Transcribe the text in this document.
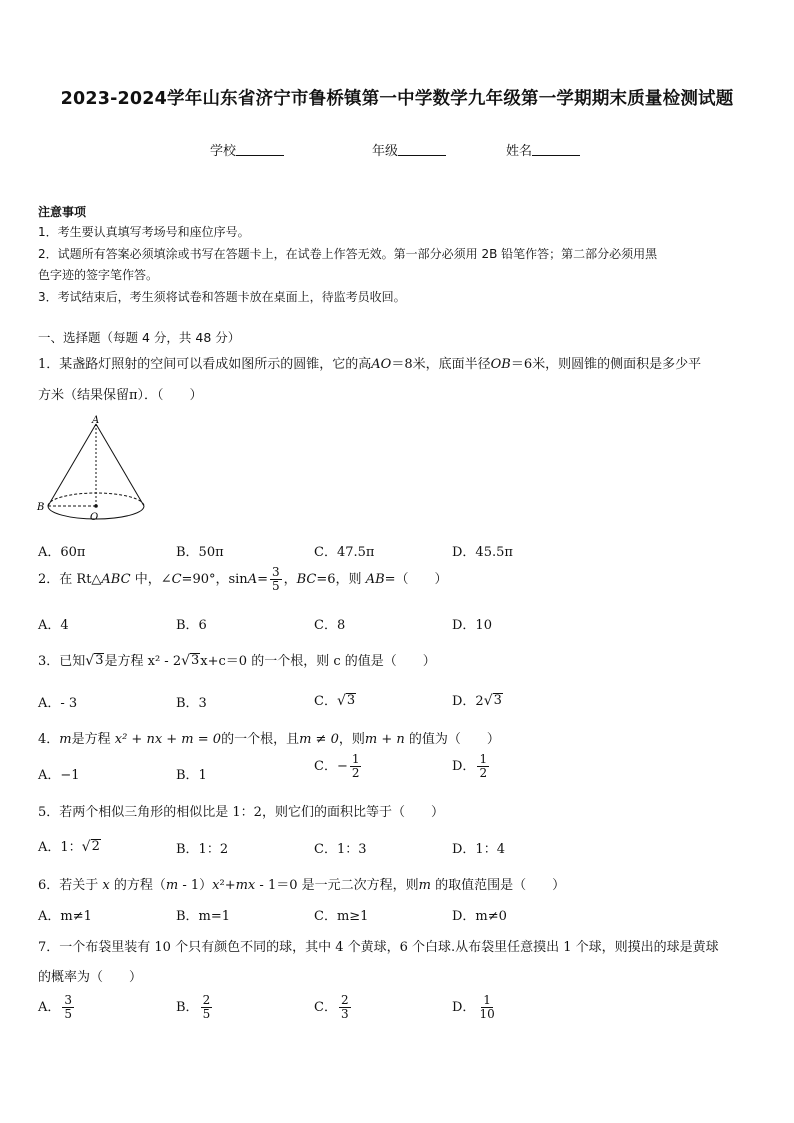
2023-2024学年山东省济宁市鲁桥镇第一中学数学九年级第一学期期末质量检测试题
学校	年级	姓名
注意事项
1．考生要认真填写考场号和座位序号。
2．试题所有答案必须填涂或书写在答题卡上，在试卷上作答无效。第一部分必须用 2B 铅笔作答；第二部分必须用黑
色字迹的签字笔作答。
3．考试结束后，考生须将试卷和答题卡放在桌面上，待监考员收回。
一、选择题（每题 4 分，共 48 分）
1．某盏路灯照射的空间可以看成如图所示的圆锥，它的高AO＝8米，底面半径OB＝6米，则圆锥的侧面积是多少平
方米（结果保留π）．（　　）
A
B
O
A．60π	B．50π	C．47.5π	D．45.5π
2．在 Rt△ABC 中，∠C=90°，$\sin A= \frac{3}{5}$ ，BC=6，则 AB=（　　）
A．4	B．6	C．8	D．10
3．已知 √ 3 是方程 x² - 2 √ 3 x+c＝0 的一个根，则 c 的值是（　　）
A．- 3	B．3	C． √ 3	D．2 √ 3
4．m是方程 x² + nx + m = 0的一个根，且m ≠ 0，则m + n 的值为（　　）
A．−1	B．1
C．− $\frac{1}{2}$	D． $\frac{1}{2}$
5．若两个相似三角形的相似比是 1：2，则它们的面积比等于（　　）
A．1： √ 2	B．1：2	C．1：3	D．1：4
6．若关于 x 的方程（m - 1）x²+mx - 1＝0 是一元二次方程，则m 的取值范围是（　　）
A．m≠1	B．m=1	C．m≥1	D．m≠0
7．一个布袋里装有 10 个只有颜色不同的球，其中 4 个黄球，6 个白球.从布袋里任意摸出 1 个球，则摸出的球是黄球
的概率为（　　）
A． $\frac{3}{5}$	B． $\frac{2}{5}$	C． $\frac{2}{3}$	D． $\frac{1}{10}$
